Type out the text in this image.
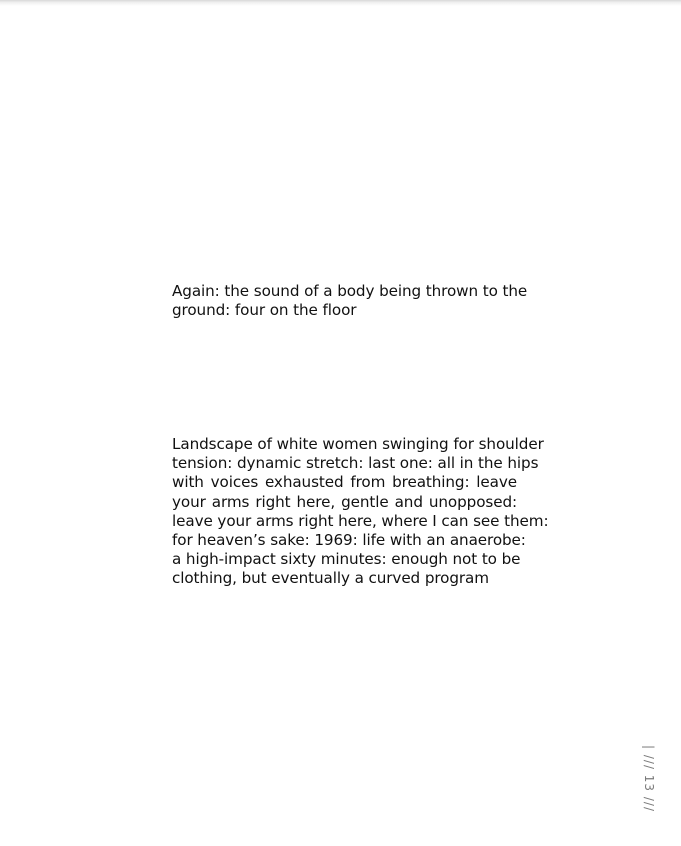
Again: the sound of a body being thrown to the
ground: four on the floor
Landscape of white women swinging for shoulder
tension: dynamic stretch: last one: all in the hips
with voices exhausted from breathing: leave
your arms right here, gentle and unopposed:
leave your arms right here, where I can see them:
for heaven’s sake: 1969: life with an anaerobe:
a high-impact sixty minutes: enough not to be
clothing, but eventually a curved program
| /// 13 ///
